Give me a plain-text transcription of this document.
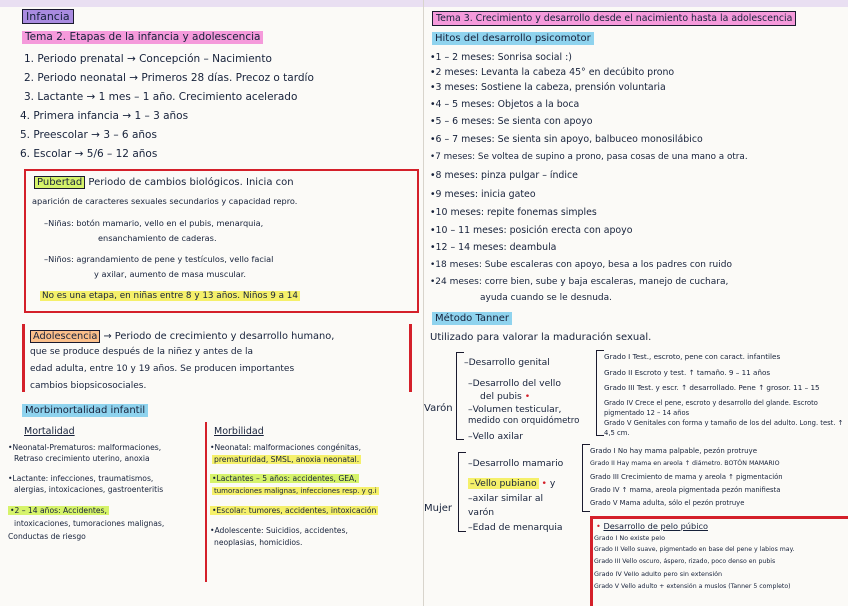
Infancia
Tema 2. Etapas de la infancia y adolescencia
1. Periodo prenatal → Concepción – Nacimiento
2. Periodo neonatal → Primeros 28 días. Precoz o tardío
3. Lactante → 1 mes – 1 año. Crecimiento acelerado
4. Primera infancia → 1 – 3 años
5. Preescolar → 3 – 6 años
6. Escolar → 5/6 – 12 años
Pubertad Periodo de cambios biológicos. Inicia con
aparición de caracteres sexuales secundarios y capacidad repro.
–Niñas: botón mamario, vello en el pubis, menarquia,
ensanchamiento de caderas.
–Niños: agrandamiento de pene y testículos, vello facial
y axilar, aumento de masa muscular.
No es una etapa, en niñas entre 8 y 13 años. Niños 9 a 14
Adolescencia → Periodo de crecimiento y desarrollo humano,
que se produce después de la niñez y antes de la
edad adulta, entre 10 y 19 años. Se producen importantes
cambios biopsicosociales.
Morbimortalidad infantil
Mortalidad	Morbilidad
•Neonatal-Prematuros: malformaciones,
Retraso crecimiento uterino, anoxia
•Lactante: infecciones, traumatismos,
alergias, intoxicaciones, gastroenteritis
•2 – 14 años: Accidentes,
intoxicaciones, tumoraciones malignas,
Conductas de riesgo
•Neonatal: malformaciones congénitas,
prematuridad, SMSL, anoxia neonatal.
•Lactantes – 5 años: accidentes, GEA,
tumoraciones malignas, infecciones resp. y g.i
•Escolar: tumores, accidentes, intoxicación
•Adolescente: Suicidios, accidentes,
neoplasias, homicidios.
Tema 3. Crecimiento y desarrollo desde el nacimiento hasta la adolescencia
Hitos del desarrollo psicomotor
•1 – 2 meses: Sonrisa social :)
•2 meses: Levanta la cabeza 45° en decúbito prono
•3 meses: Sostiene la cabeza, prensión voluntaria
•4 – 5 meses: Objetos a la boca
•5 – 6 meses: Se sienta con apoyo
•6 – 7 meses: Se sienta sin apoyo, balbuceo monosilábico
•7 meses: Se voltea de supino a prono, pasa cosas de una mano a otra.
•8 meses: pinza pulgar – índice
•9 meses: inicia gateo
•10 meses: repite fonemas simples
•10 – 11 meses: posición erecta con apoyo
•12 – 14 meses: deambula
•18 meses: Sube escaleras con apoyo, besa a los padres con ruido
•24 meses: corre bien, sube y baja escaleras, manejo de cuchara,
ayuda cuando se le desnuda.
Método Tanner
Utilizado para valorar la maduración sexual.
Varón
–Desarrollo genital
–Desarrollo del vello
del pubis •
–Volumen testicular,
medido con orquidómetro
–Vello axilar
Grado I Test., escroto, pene con caract. infantiles
Grado II Escroto y test. ↑ tamaño. 9 – 11 años
Grado III Test. y escr. ↑ desarrollado. Pene ↑ grosor. 11 – 15
Grado IV Crece el pene, escroto y desarrollo del glande. Escroto pigmentado 12 – 14 años
Grado V Genitales con forma y tamaño de los del adulto. Long. test. ↑ 4,5 cm.
Mujer
–Desarrollo mamario
–Vello pubiano • y
–axilar similar al
varón
–Edad de menarquia
Grado I No hay mama palpable, pezón protruye
Grado II Hay mama en areola ↑ diámetro. BOTÓN MAMARIO
Grado III Crecimiento de mama y areola ↑ pigmentación
Grado IV ↑ mama, areola pigmentada pezón manifiesta
Grado V Mama adulta, sólo el pezón protruye
• Desarrollo de pelo púbico
Grado I No existe pelo
Grado II Vello suave, pigmentado en base del pene y labios may.
Grado III Vello oscuro, áspero, rizado, poco denso en pubis
Grado IV Vello adulto pero sin extensión
Grado V Vello adulto + extensión a muslos (Tanner 5 completo)
